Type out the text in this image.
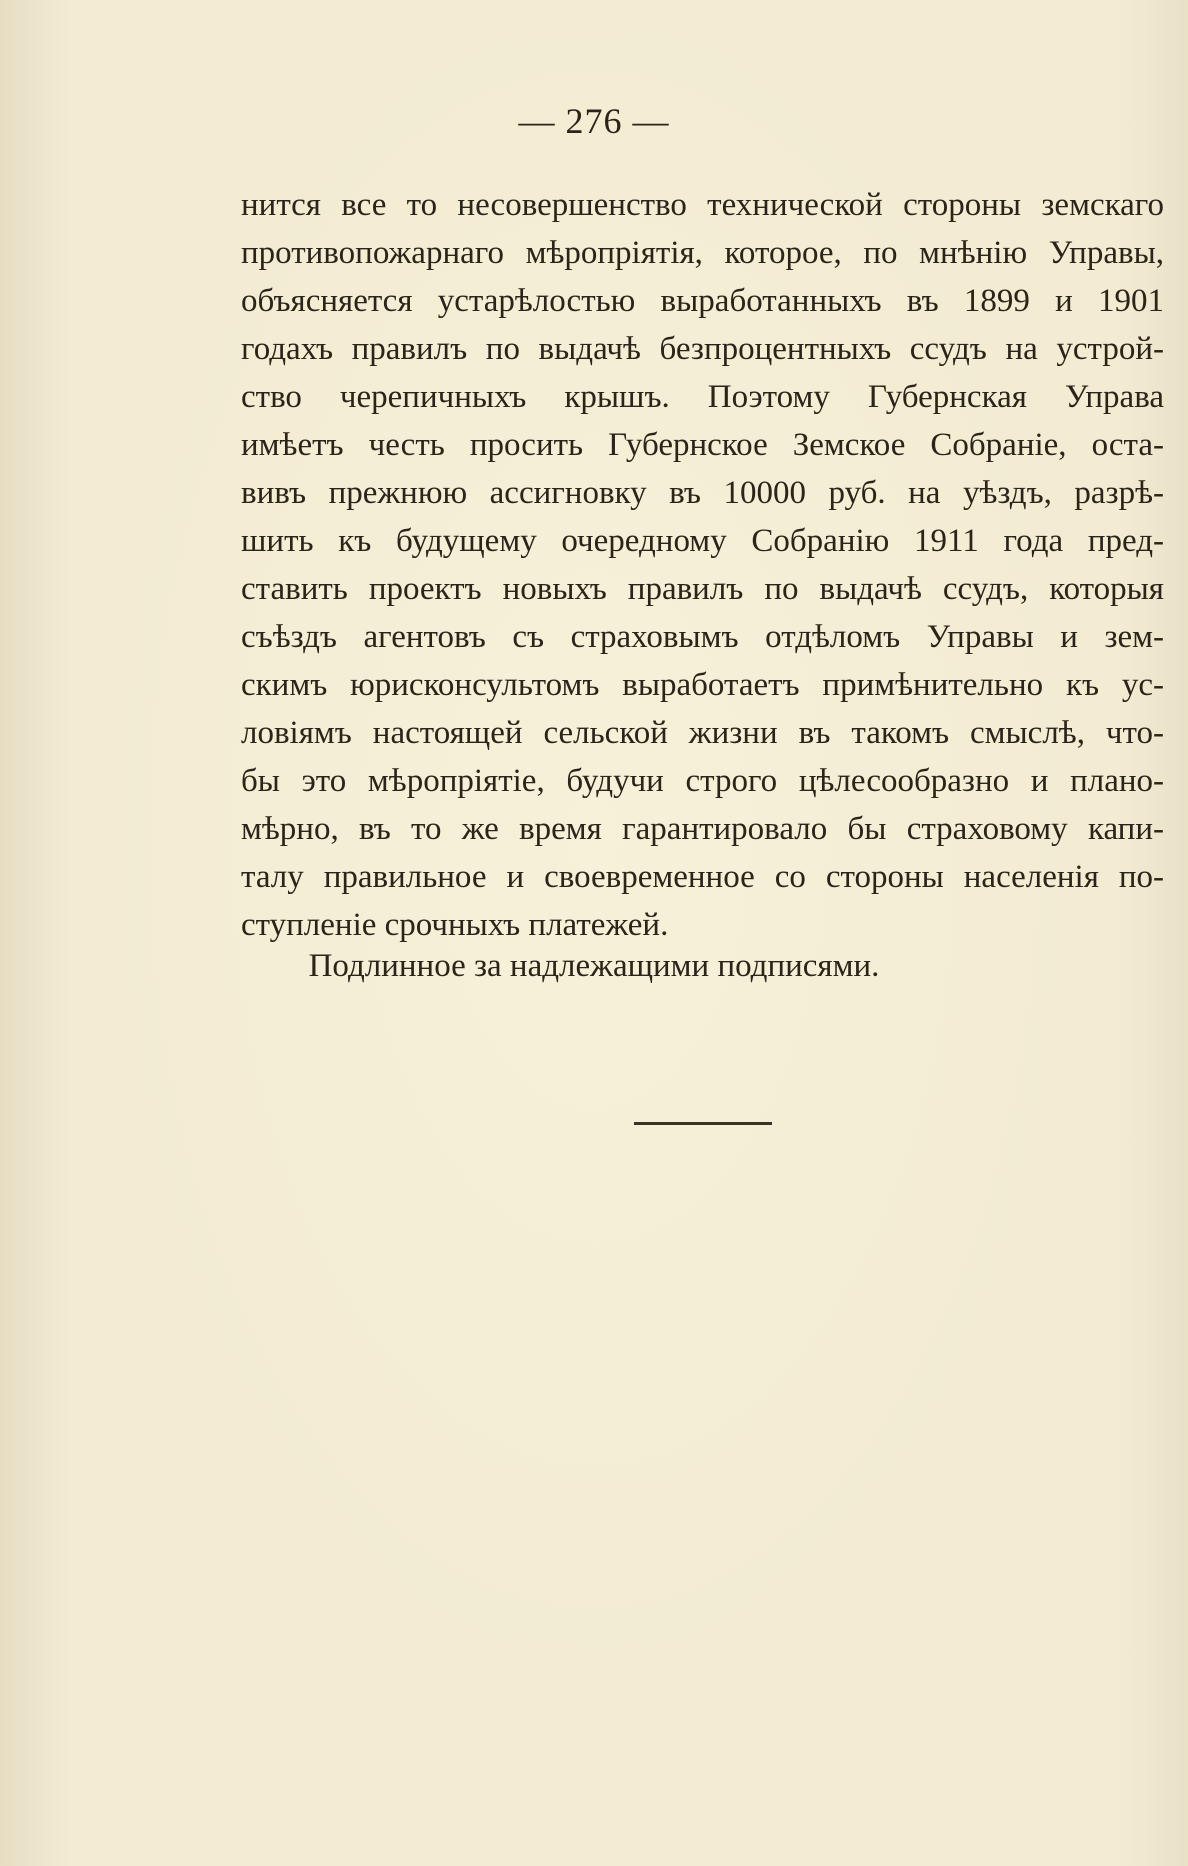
— 276 —
нится все то несовершенство технической стороны земскаго
противопожарнаго мѣропріятія, которое, по мнѣнію Управы,
объясняется устарѣлостью выработанныхъ въ 1899 и 1901
годахъ правилъ по выдачѣ безпроцентныхъ ссудъ на устрой-
ство черепичныхъ крышъ. Поэтому Губернская Управа
имѣетъ честь просить Губернское Земское Собраніе, оста-
вивъ прежнюю ассигновку въ 10000 руб. на уѣздъ, разрѣ-
шить къ будущему очередному Собранію 1911 года пред-
ставить проектъ новыхъ правилъ по выдачѣ ссудъ, которыя
съѣздъ агентовъ съ страховымъ отдѣломъ Управы и зем-
скимъ юрисконсультомъ выработаетъ примѣнительно къ ус-
ловіямъ настоящей сельской жизни въ такомъ смыслѣ, что-
бы это мѣропріятіе, будучи строго цѣлесообразно и плано-
мѣрно, въ то же время гарантировало бы страховому капи-
талу правильное и своевременное со стороны населенія по-
ступленіе срочныхъ платежей.
Подлинное за надлежащими подписями.
